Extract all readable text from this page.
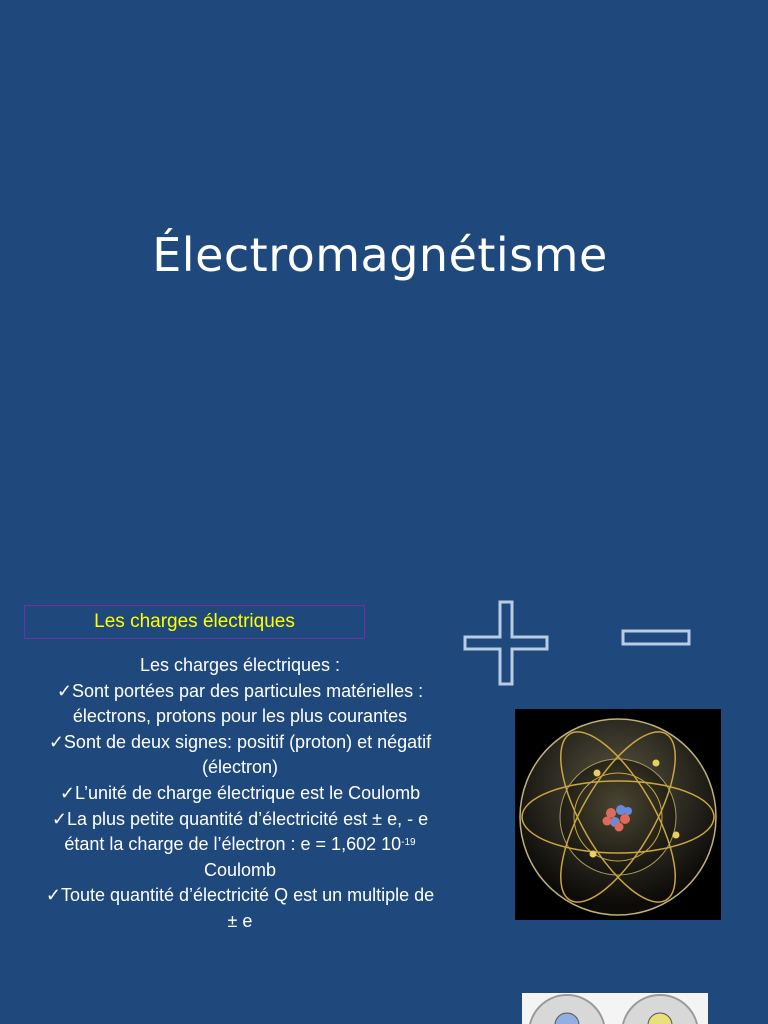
Électromagnétisme
Les charges électriques
Les charges électriques :
✓Sont portées par des particules matérielles : électrons, protons pour les plus courantes
✓Sont de deux signes: positif (proton) et négatif (électron)
✓L’unité de charge électrique est le Coulomb
✓La plus petite quantité d’électricité est ± e, - e étant la charge de l’électron : e = 1,602 $10^{-19}$ Coulomb
✓Toute quantité d’électricité Q est un multiple de ± e
